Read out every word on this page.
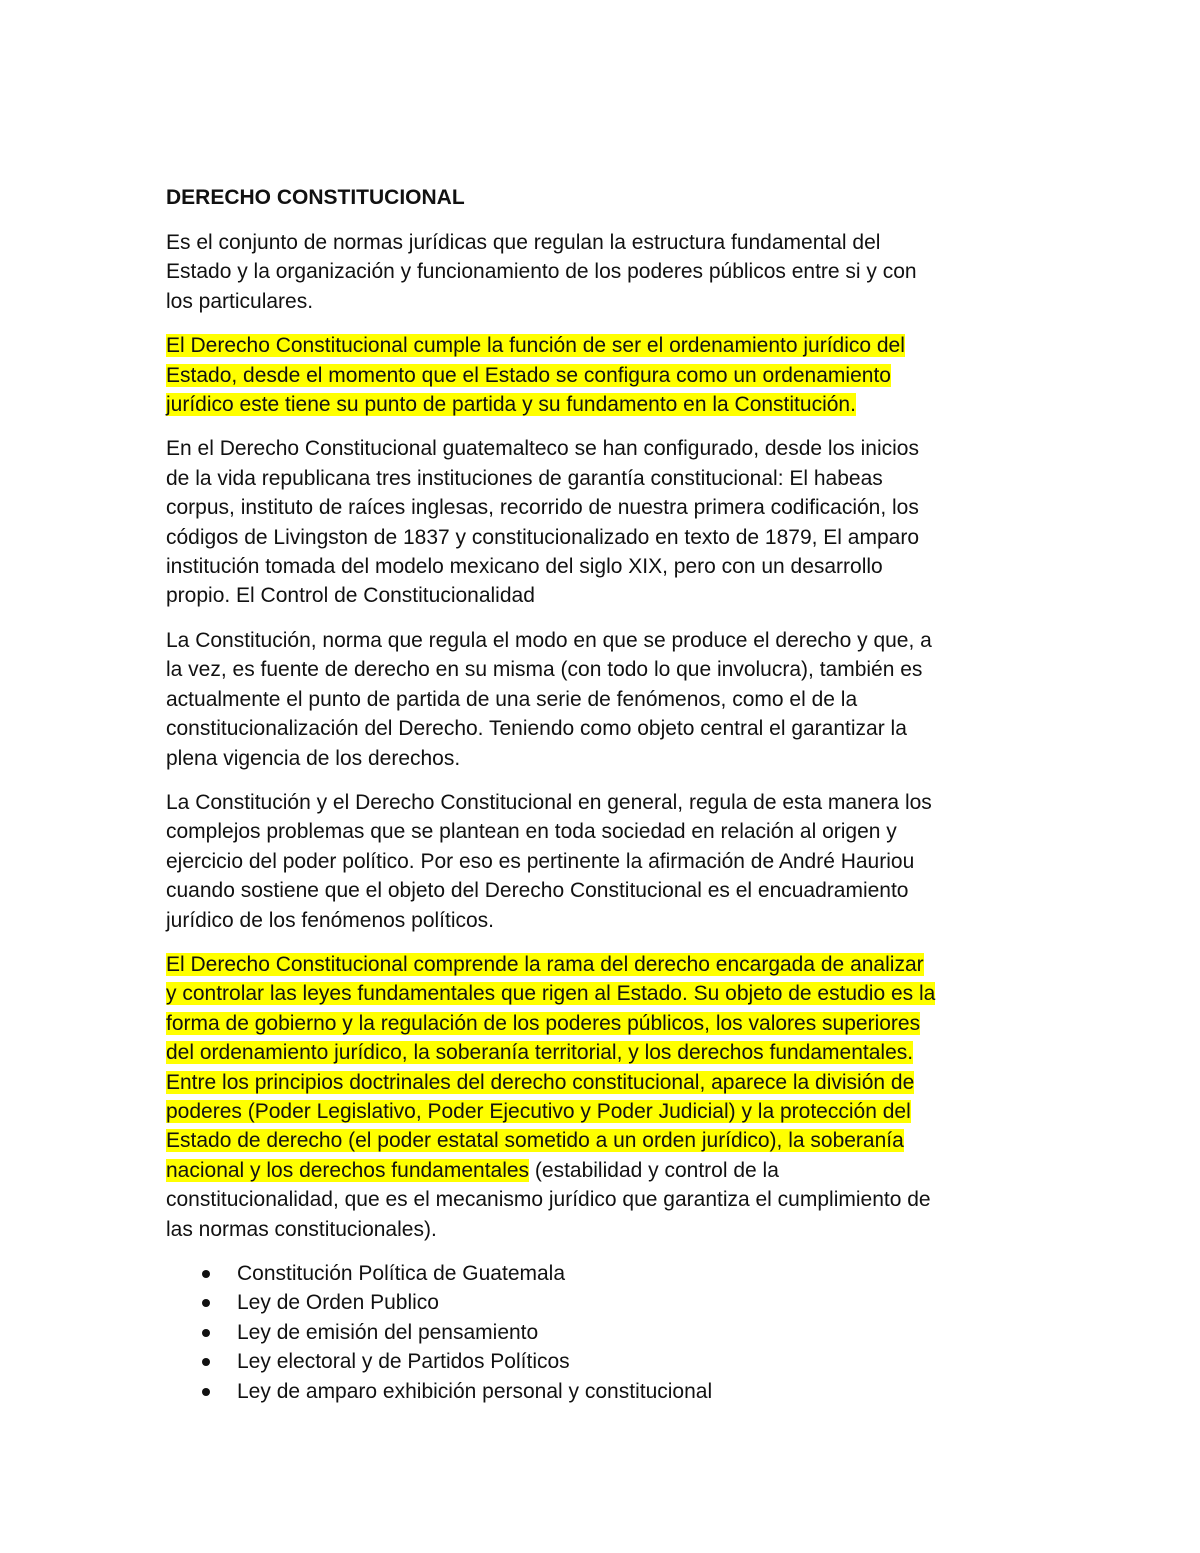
DERECHO CONSTITUCIONAL
Es el conjunto de normas jurídicas que regulan la estructura fundamental del
Estado y la organización y funcionamiento de los poderes públicos entre si y con
los particulares.
El Derecho Constitucional cumple la función de ser el ordenamiento jurídico del
Estado, desde el momento que el Estado se configura como un ordenamiento
jurídico este tiene su punto de partida y su fundamento en la Constitución.
En el Derecho Constitucional guatemalteco se han configurado, desde los inicios
de la vida republicana tres instituciones de garantía constitucional: El habeas
corpus, instituto de raíces inglesas, recorrido de nuestra primera codificación, los
códigos de Livingston de 1837 y constitucionalizado en texto de 1879, El amparo
institución tomada del modelo mexicano del siglo XIX, pero con un desarrollo
propio. El Control de Constitucionalidad
La Constitución, norma que regula el modo en que se produce el derecho y que, a
la vez, es fuente de derecho en su misma (con todo lo que involucra), también es
actualmente el punto de partida de una serie de fenómenos, como el de la
constitucionalización del Derecho. Teniendo como objeto central el garantizar la
plena vigencia de los derechos.
La Constitución y el Derecho Constitucional en general, regula de esta manera los
complejos problemas que se plantean en toda sociedad en relación al origen y
ejercicio del poder político. Por eso es pertinente la afirmación de André Hauriou
cuando sostiene que el objeto del Derecho Constitucional es el encuadramiento
jurídico de los fenómenos políticos.
El Derecho Constitucional comprende la rama del derecho encargada de analizar
y controlar las leyes fundamentales que rigen al Estado. Su objeto de estudio es la
forma de gobierno y la regulación de los poderes públicos, los valores superiores
del ordenamiento jurídico, la soberanía territorial, y los derechos fundamentales.
Entre los principios doctrinales del derecho constitucional, aparece la división de
poderes (Poder Legislativo, Poder Ejecutivo y Poder Judicial) y la protección del
Estado de derecho (el poder estatal sometido a un orden jurídico), la soberanía
nacional y los derechos fundamentales (estabilidad y control de la
constitucionalidad, que es el mecanismo jurídico que garantiza el cumplimiento de
las normas constitucionales).
Constitución Política de Guatemala
Ley de Orden Publico
Ley de emisión del pensamiento
Ley electoral y de Partidos Políticos
Ley de amparo exhibición personal y constitucional
